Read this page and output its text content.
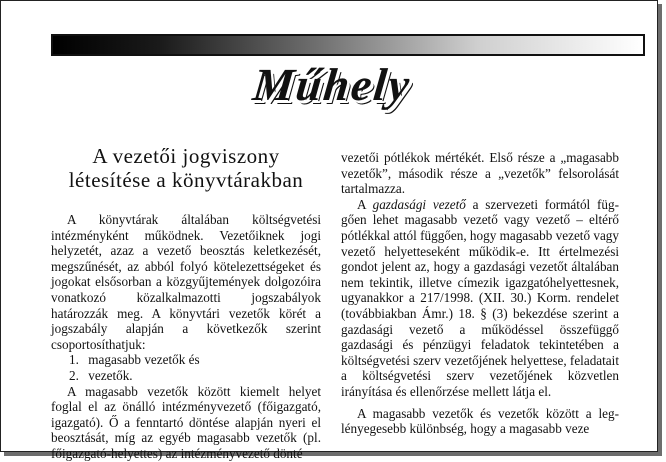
Műhely
A vezetői jogviszony
létesítése a könyvtárakban

A könyvtárak általában költségvetési intézményként működnek. Vezetőiknek jogi helyzetét, azaz a vezető beosztás keletkezését, megszűnését, az abból folyó kötelezettségeket és jogokat elsősorban a közgyűjtemények dolgozóira vonatkozó közalkalmazotti jogszabályok határozzák meg. A könyvtári vezetők körét a jogszabály alapján a következők szerint csoportosíthatjuk:

1. magasabb vezetők és
2. vezetők.

A magasabb vezetők között kiemelt helyet foglal el az önálló intézményvezető (főigazgató, igazgató). Ő a fenntartó döntése alapján nyeri el beosztását, míg az egyéb magasabb vezetők (pl. főigazgató-helyettes) az intézményvezető dönté

vezetői pótlékok mértékét. Első része a „magasabb vezetők”, második része a „vezetők” felsorolását tartalmazza.

A gazdasági vezető a szervezeti formától függően lehet magasabb vezető vagy vezető – eltérő pótlékkal attól függően, hogy magasabb vezető vagy vezető helyetteseként működik-e. Itt értelmezési gondot jelent az, hogy a gazdasági vezetőt általában nem tekintik, illetve címezik igazgatóhelyettesnek, ugyanakkor a 217/1998. (XII. 30.) Korm. rendelet (továbbiakban Ámr.) 18. § (3) bekezdése szerint a gazdasági vezető a működéssel összefüggő gazdasági és pénzügyi feladatok tekintetében a költségvetési szerv vezetőjének helyettese, feladatait a költségvetési szerv vezetőjének közvetlen irányítása és ellenőrzése mellett látja el.

A magasabb vezetők és vezetők között a leglényegesebb különbség, hogy a magasabb veze
